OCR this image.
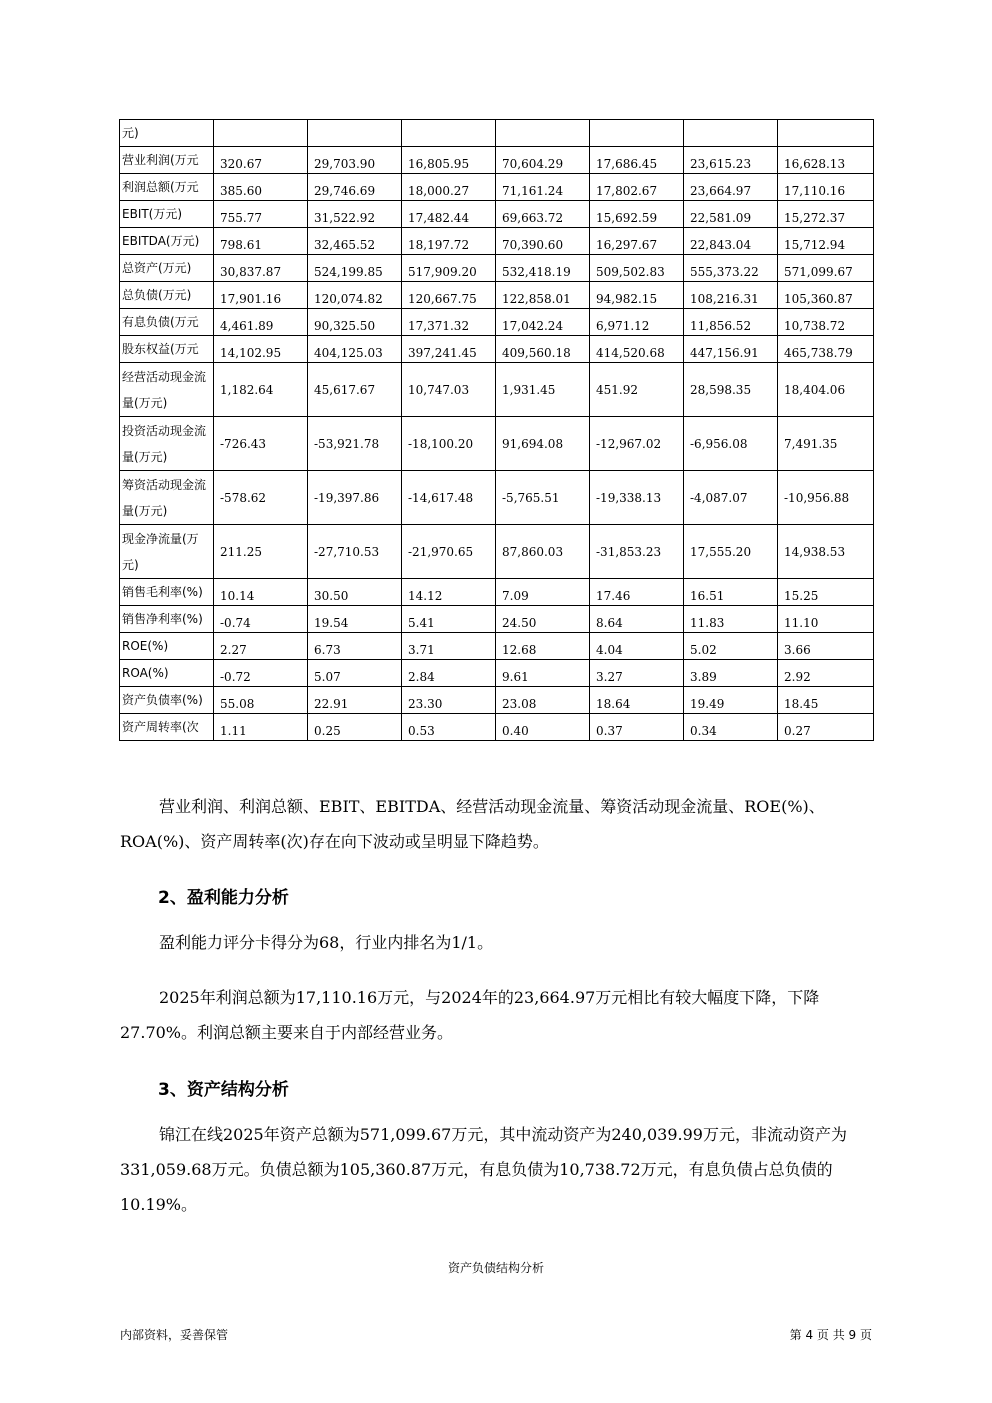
元)							
营业利润(万元	320.67	29,703.90	16,805.95	70,604.29	17,686.45	23,615.23	16,628.13
利润总额(万元	385.60	29,746.69	18,000.27	71,161.24	17,802.67	23,664.97	17,110.16
EBIT(万元)	755.77	31,522.92	17,482.44	69,663.72	15,692.59	22,581.09	15,272.37
EBITDA(万元)	798.61	32,465.52	18,197.72	70,390.60	16,297.67	22,843.04	15,712.94
总资产(万元)	30,837.87	524,199.85	517,909.20	532,418.19	509,502.83	555,373.22	571,099.67
总负债(万元)	17,901.16	120,074.82	120,667.75	122,858.01	94,982.15	108,216.31	105,360.87
有息负债(万元	4,461.89	90,325.50	17,371.32	17,042.24	6,971.12	11,856.52	10,738.72
股东权益(万元	14,102.95	404,125.03	397,241.45	409,560.18	414,520.68	447,156.91	465,738.79
经营活动现金流量(万元)	1,182.64	45,617.67	10,747.03	1,931.45	451.92	28,598.35	18,404.06
投资活动现金流量(万元)	-726.43	-53,921.78	-18,100.20	91,694.08	-12,967.02	-6,956.08	7,491.35
筹资活动现金流量(万元)	-578.62	-19,397.86	-14,617.48	-5,765.51	-19,338.13	-4,087.07	-10,956.88
现金净流量(万元)	211.25	-27,710.53	-21,970.65	87,860.03	-31,853.23	17,555.20	14,938.53
销售毛利率(%)	10.14	30.50	14.12	7.09	17.46	16.51	15.25
销售净利率(%)	-0.74	19.54	5.41	24.50	8.64	11.83	11.10
ROE(%)	2.27	6.73	3.71	12.68	4.04	5.02	3.66
ROA(%)	-0.72	5.07	2.84	9.61	3.27	3.89	2.92
资产负债率(%)	55.08	22.91	23.30	23.08	18.64	19.49	18.45
资产周转率(次	1.11	0.25	0.53	0.40	0.37	0.34	0.27

营业利润、利润总额、EBIT、EBITDA、经营活动现金流量、筹资活动现金流量、ROE(%)、ROA(%)、资产周转率(次)存在向下波动或呈明显下降趋势。

2、盈利能力分析

盈利能力评分卡得分为68，行业内排名为1/1。

2025年利润总额为17,110.16万元，与2024年的23,664.97万元相比有较大幅度下降，下降27.70%。利润总额主要来自于内部经营业务。

3、资产结构分析

锦江在线2025年资产总额为571,099.67万元，其中流动资产为240,039.99万元，非流动资产为331,059.68万元。负债总额为105,360.87万元，有息负债为10,738.72万元，有息负债占总负债的10.19%。

资产负债结构分析
内部资料，妥善保管	第 4 页 共 9 页
